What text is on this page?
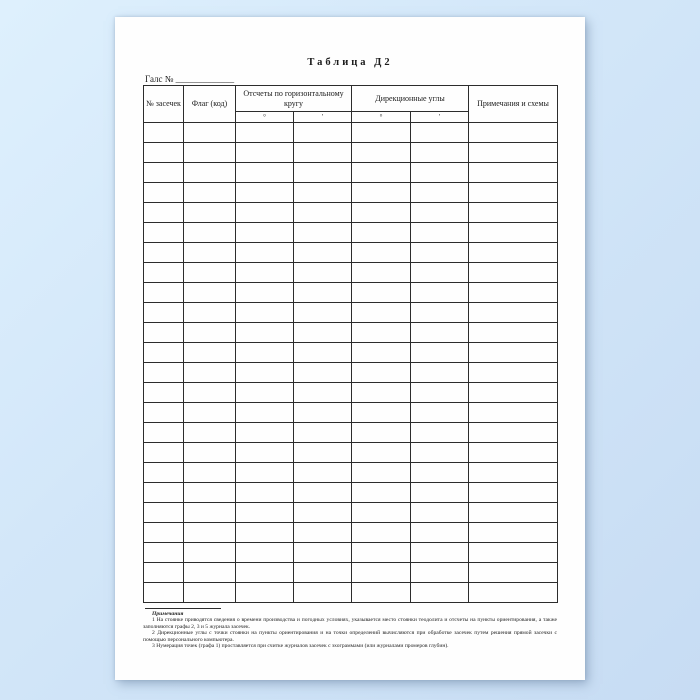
Таблица Д2
Галс № _____________
№ засечек	Флаг (код)	Отсчеты по горизонтальному кругу		Дирекционные углы		Примечания и схемы
		°	′	°	′	

Примечания

1 На стоянке приводятся сведения о времени производства и погодных условиях, указывается место стоянки теодолита и отсчеты на пункты ориентирования, а также заполняются графы 2, 3 и 5 журнала засечек.

2 Дирекционные углы с точки стоянки на пункты ориентирования и на точки определений вычисляются при обработке засечек путем решения прямой засечки с помощью персонального компьютера.

3 Нумерация точек (графа 1) проставляется при считке журналов засечек с эхограммами (или журналами промеров глубин).
